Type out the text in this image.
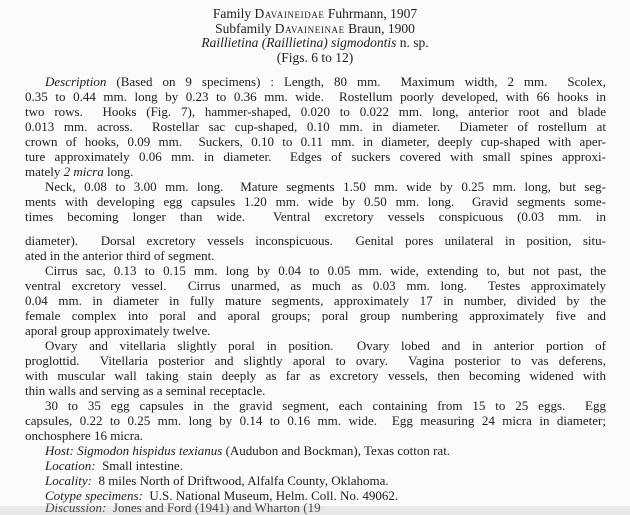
Family Davaineidae Fuhrmann, 1907
Subfamily Davaineinae Braun, 1900
Raillietina (Raillietina) sigmodontis n. sp.
(Figs. 6 to 12)
Description (Based on 9 specimens) : Length, 80 mm.  Maximum width, 2 mm.  Scolex,
0.35 to 0.44 mm. long by 0.23 to 0.36 mm. wide.  Rostellum poorly developed, with 66 hooks in
two rows.  Hooks (Fig. 7), hammer-shaped, 0.020 to 0.022 mm. long, anterior root and blade
0.013 mm. across.  Rostellar sac cup-shaped, 0.10 mm. in diameter.  Diameter of rostellum at
crown of hooks, 0.09 mm.  Suckers, 0.10 to 0.11 mm. in diameter, deeply cup-shaped with aper-
ture approximately 0.06 mm. in diameter.  Edges of suckers covered with small spines approxi-
mately 2 micra long.
Neck, 0.08 to 3.00 mm. long.  Mature segments 1.50 mm. wide by 0.25 mm. long, but seg-
ments with developing egg capsules 1.20 mm. wide by 0.50 mm. long.  Gravid segments some-
times becoming longer than wide.  Ventral excretory vessels conspicuous (0.03 mm. in
diameter).  Dorsal excretory vessels inconspicuous.  Genital pores unilateral in position, situ-
ated in the anterior third of segment.
Cirrus sac, 0.13 to 0.15 mm. long by 0.04 to 0.05 mm. wide, extending to, but not past, the
ventral excretory vessel.  Cirrus unarmed, as much as 0.03 mm. long.  Testes approximately
0.04 mm. in diameter in fully mature segments, approximately 17 in number, divided by the
female complex into poral and aporal groups; poral group numbering approximately five and
aporal group approximately twelve.
Ovary and vitellaria slightly poral in position.  Ovary lobed and in anterior portion of
proglottid.  Vitellaria posterior and slightly aporal to ovary.  Vagina posterior to vas deferens,
with muscular wall taking stain deeply as far as excretory vessels, then becoming widened with
thin walls and serving as a seminal receptacle.
30 to 35 egg capsules in the gravid segment, each containing from 15 to 25 eggs.  Egg
capsules, 0.22 to 0.25 mm. long by 0.14 to 0.16 mm. wide.  Egg measuring 24 micra in diameter;
onchosphere 16 micra.
Host: Sigmodon hispidus texianus (Audubon and Bockman), Texas cotton rat.
Location:  Small intestine.
Locality:  8 miles North of Driftwood, Alfalfa County, Oklahoma.
Cotype specimens:  U.S. National Museum, Helm. Coll. No. 49062.
Discussion:  Jones and Ford (1941) and Wharton (19
